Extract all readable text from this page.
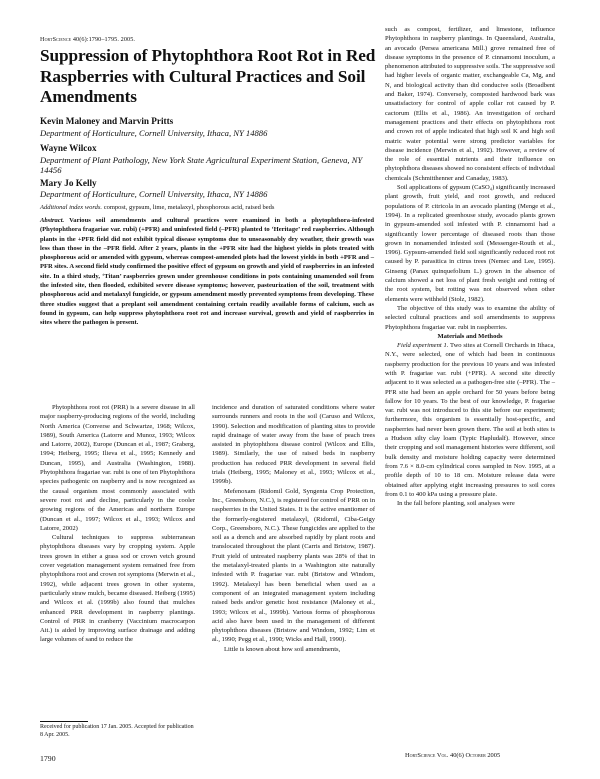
HortScience 40(6):1790–1795. 2005.
Suppression of Phytophthora Root Rot in Red Raspberries with Cultural Practices and Soil Amendments
Kevin Maloney and Marvin Pritts
Department of Horticulture, Cornell University, Ithaca, NY 14886
Wayne Wilcox
Department of Plant Pathology, New York State Agricultural Experiment Station, Geneva, NY 14456
Mary Jo Kelly
Department of Horticulture, Cornell University, Ithaca, NY 14886
Additional index words. compost, gypsum, lime, metalaxyl, phosphorous acid, raised beds
Abstract. Various soil amendments and cultural practices were examined in both a phytophthora-infested (Phytophthora fragariae var. rubi) (+PFR) and uninfested field (–PFR) planted to ‘Heritage’ red raspberries. Although plants in the +PFR field did not exhibit typical disease symptoms due to unseasonably dry weather, their growth was less than those in the –PFR field. After 2 years, plants in the +PFR site had the highest yields in plots treated with phosphorous acid or amended with gypsum, whereas compost-amended plots had the lowest yields in both +PFR and –PFR sites. A second field study confirmed the positive effect of gypsum on growth and yield of raspberries in an infested site. In a third study, ‘Titan’ raspberries grown under greenhouse conditions in pots containing unamended soil from the infested site, then flooded, exhibited severe disease symptoms; however, pasteurization of the soil, treatment with phosphorous acid and metalaxyl fungicide, or gypsum amendment mostly prevented symptoms from developing. These three studies suggest that a preplant soil amendment containing certain readily available forms of calcium, such as found in gypsum, can help suppress phytophthora root rot and increase survival, growth and yield of raspberries in sites where the pathogen is present.

Phytophthora root rot (PRR) is a severe disease in all major raspberry-producing regions of the world, including North America (Converse and Schwartze, 1968; Wilcox, 1989), South America (Latorre and Munoz, 1993; Wilcox and Latorre, 2002), Europe (Duncan et al., 1987; Graberg, 1994; Heiberg, 1995; Ilieva et al., 1995; Kennedy and Duncan, 1995), and Australia (Washington, 1988). Phytophthora fragariae var. rubi is one of ten Phytophthora species pathogenic on raspberry and is now recognized as the causal organism most commonly associated with severe root rot and decline, particularly in the cooler growing regions of the Americas and northern Europe (Duncan et al., 1997; Wilcox et al., 1993; Wilcox and Latorre, 2002)

Cultural techniques to suppress subterranean phytophthora diseases vary by cropping system. Apple trees grown in either a grass sod or crown vetch ground cover vegetation management system remained free from phytophthora root and crown rot symptoms (Merwin et al., 1992), while adjacent trees grown in other systems, particularly straw mulch, became diseased. Heiberg (1995) and Wilcox et al. (1999b) also found that mulches enhanced PRR development in raspberry plantings. Control of PRR in cranberry (Vaccinium macrocarpon Ait.) is aided by improving surface drainage and adding large volumes of sand to reduce the

incidence and duration of saturated conditions where water surrounds runners and roots in the soil (Caruso and Wilcox, 1990). Selection and modification of planting sites to provide rapid drainage of water away from the base of peach trees assisted in phytophthora disease control (Wilcox and Ellis, 1989). Similarly, the use of raised beds in raspberry production has reduced PRR development in several field trials (Heiberg, 1995; Maloney et al., 1993; Wilcox et al., 1999b).

Mefenoxam (Ridomil Gold, Syngenta Crop Protection, Inc., Greensboro, N.C.), is registered for control of PRR on in raspberries in the United States. It is the active enantiomer of the formerly-registered metalaxyl, (Ridomil, Ciba-Geigy Corp., Greensboro, N.C.). These fungicides are applied to the soil as a drench and are absorbed rapidly by plant roots and translocated throughout the plant (Carris and Bristow, 1987). Fruit yield of untreated raspberry plants was 28% of that in the metalaxyl-treated plants in a Washington site naturally infested with P. fragariae var. rubi (Bristow and Windom, 1992). Metalaxyl has been beneficial when used as a component of an integrated management system including raised beds and/or genetic host resistance (Maloney et al., 1993; Wilcox et al., 1999b). Various forms of phosphorous acid also have been used in the management of different phytophthora diseases (Bristow and Windom, 1992; Lim et al., 1990; Pegg et al., 1990; Wicks and Hall, 1990).

Little is known about how soil amendments,

such as compost, fertilizer, and limestone, influence Phytophthora in raspberry plantings. In Queensland, Australia, an avocado (Persea americana Mill.) grove remained free of disease symptoms in the presence of P. cinnamomi inoculum, a phenomenon attributed to suppressive soils. The suppressive soil had higher levels of organic matter, exchangeable Ca, Mg, and N, and biological activity than did conducive soils (Broadbent and Baker, 1974). Conversely, composted hardwood bark was unsatisfactory for control of apple collar rot caused by P. cactorum (Ellis et al., 1986). An investigation of orchard management practices and their effects on phytophthora root and crown rot of apple indicated that high soil K and high soil matric water potential were strong predictor variables for disease incidence (Merwin et al., 1992). However, a review of the role of essential nutrients and their influence on phytophthora diseases showed no consistent effects of individual chemicals (Schmitthenner and Canaday, 1983).

Soil applications of gypsum (CaSO₄) significantly increased plant growth, fruit yield, and root growth, and reduced populations of P. citricola in an avocado planting (Menge et al., 1994). In a replicated greenhouse study, avocado plants grown in gypsum-amended soil infested with P. cinnamomi had a significantly lower percentage of diseased roots than those grown in nonamended infested soil (Messenger-Routh et al., 1996). Gypsum-amended field soil significantly reduced root rot caused by P. parasitica in citrus trees (Nemec and Lee, 1995). Ginseng (Panax quinquefolium L.) grown in the absence of calcium showed a net loss of plant fresh weight and rotting of the root system, but rotting was not observed when other elements were withheld (Stolz, 1982).

The objective of this study was to examine the ability of selected cultural practices and soil amendments to suppress Phytophthora fragariae var. rubi in raspberries.

Materials and Methods

Field experiment 1. Two sites at Cornell Orchards in Ithaca, N.Y., were selected, one of which had been in continuous raspberry production for the previous 10 years and was infested with P. fragariae var. rubi (+PFR). A second site directly adjacent to it was selected as a pathogen-free site (–PFR). The –PFR site had been an apple orchard for 50 years before being fallow for 10 years. To the best of our knowledge, P. fragariae var. rubi was not introduced to this site before our experiment; furthermore, this organism is essentially host-specific, and raspberries had never been grown there. The soil at both sites is a Hudson silty clay loam (Typic Hapludalf). However, since their cropping and soil management histories were different, soil bulk density and moisture holding capacity were determined from 7.6 × 8.0-cm cylindrical cores sampled in Nov. 1995, at a profile depth of 10 to 18 cm. Moisture release data were obtained after applying eight increasing pressures to soil cores from 0.1 to 400 kPa using a pressure plate.

In the fall before planting, soil analyses were

Received for publication 17 Jan. 2005. Accepted for publication 8 Apr. 2005.
1790	HortScience Vol. 40(6) October 2005
